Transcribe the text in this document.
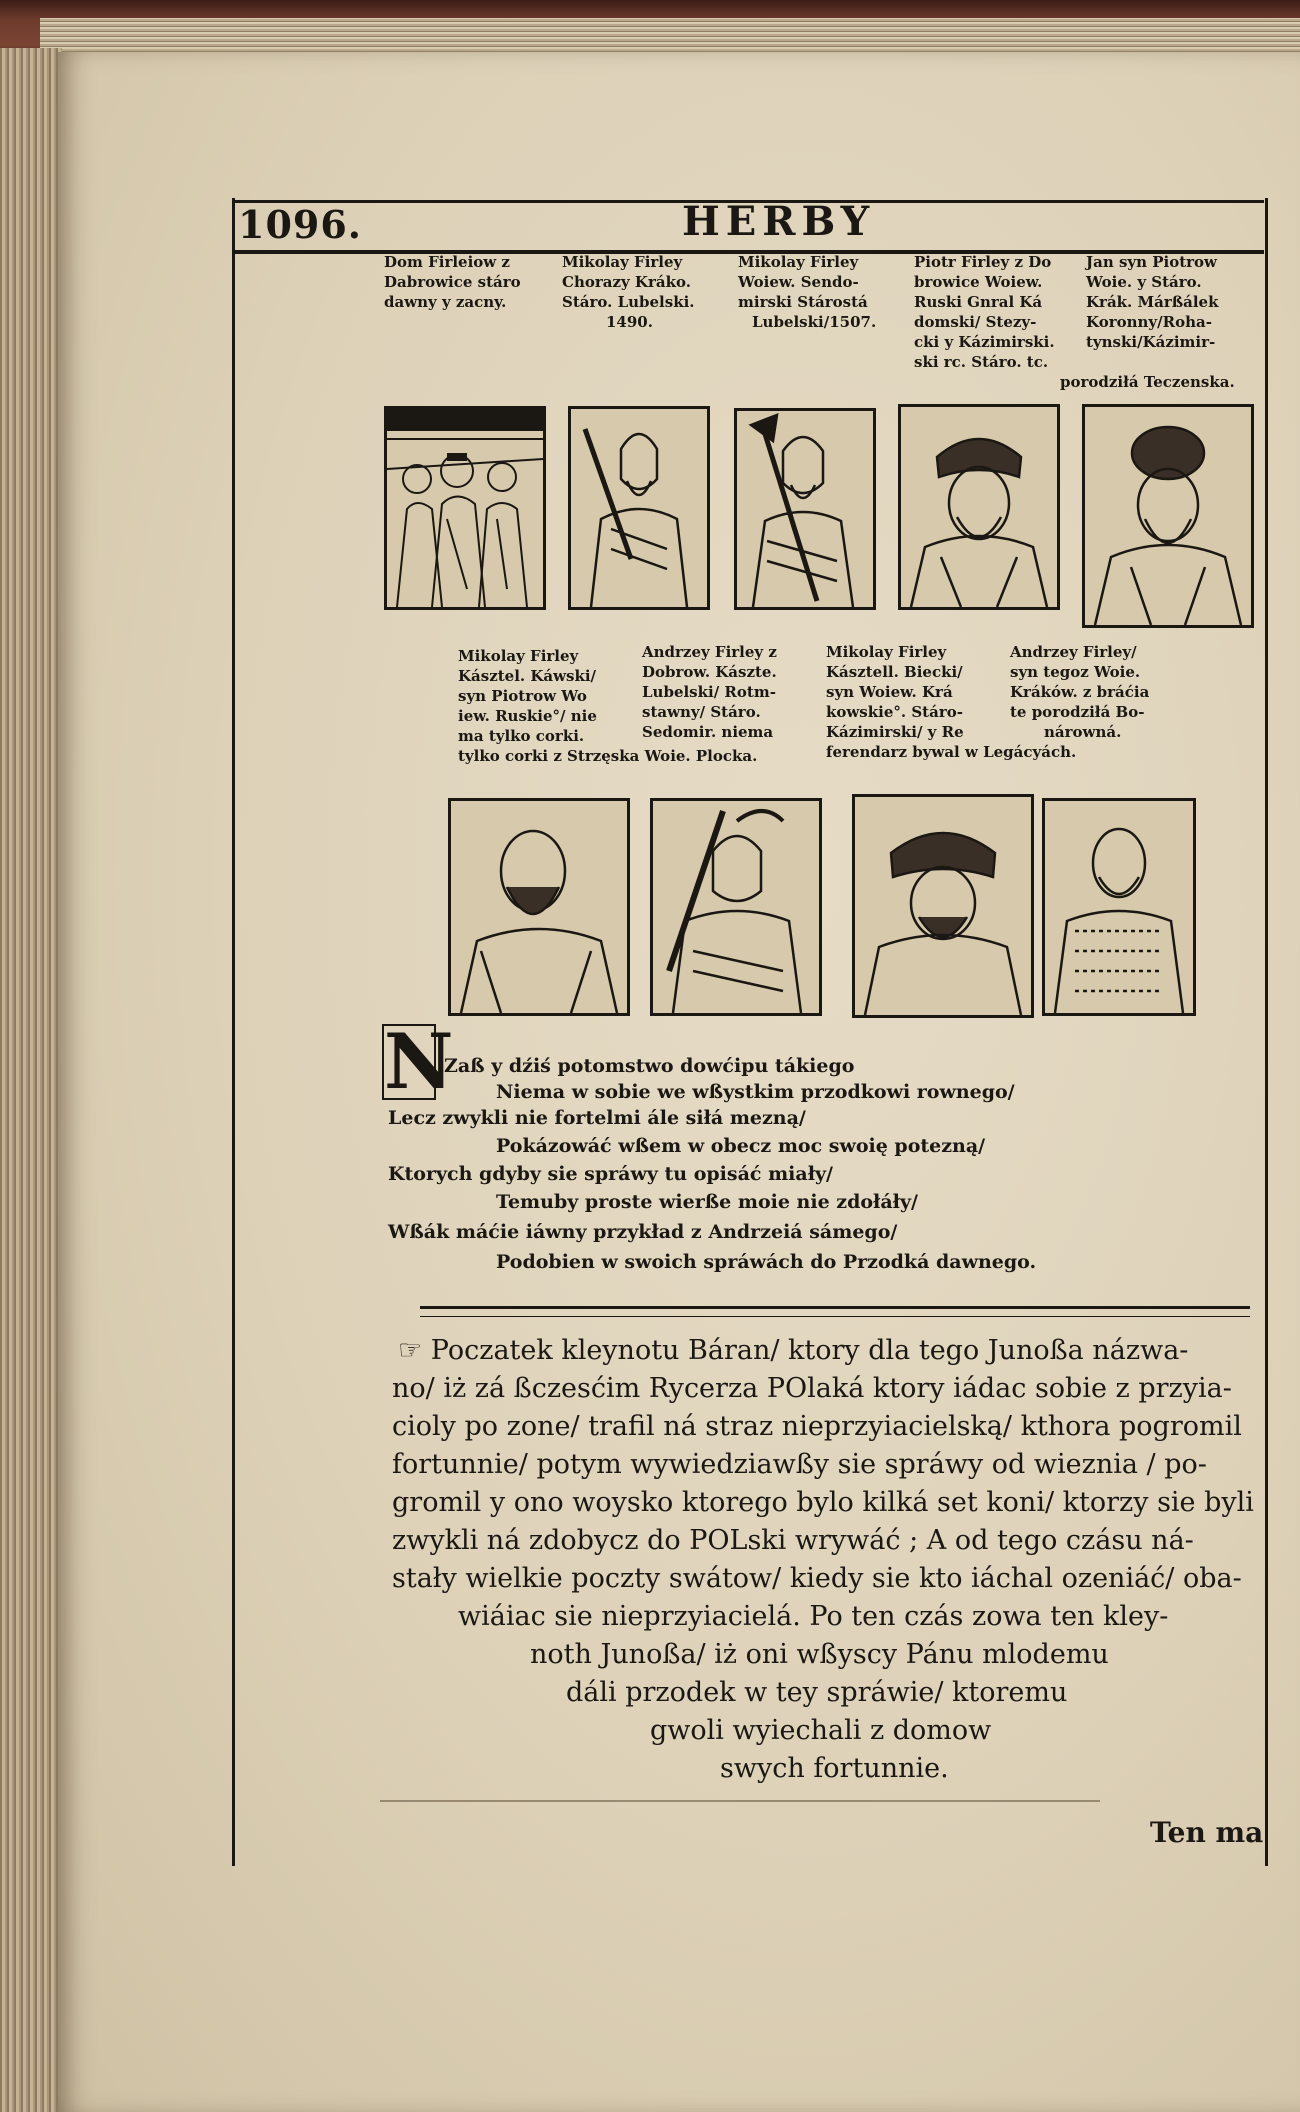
1096.	HERBY
Dom Firleiow z
Dabrowice stáro
dawny y zacny.
Mikolay Firley
Chorazy Kráko.
Stáro. Lubelski.
1490.
Mikolay Firley
Woiew. Sendo-
mirski Stárostá
Lubelski/1507.
Piotr Firley z Do
browice Woiew.
Ruski Gnral Ká
domski/ Stezy-
cki y Kázimirski.
ski rc. Stáro. tc.
Jan syn Piotrow
Woie. y Stáro.
Krák. Márßálek
Koronny/Roha-
tynski/Kázimir-
porodziłá Teczenska.
Mikolay Firley
Kásztel. Káwski/
syn Piotrow Wo
iew. Ruskie°/ nie
ma tylko corki.
tylko corki z Strzęska Woie. Plocka.
Andrzey Firley z
Dobrow. Kászte.
Lubelski/ Rotm-
stawny/ Stáro.
Sedomir. niema
Mikolay Firley
Kásztell. Biecki/
syn Woiew. Krá
kowskie°. Stáro-
Kázimirski/ y Re
ferendarz bywal w Legácyách.
Andrzey Firley/
syn tegoz Woie.
Kráków. z bráćia
te porodziłá Bo-
nárowná.
N
Zaß y dźiś potomstwo dowćipu tákiego
Niema w sobie we wßystkim przodkowi rownego/
Lecz zwykli nie fortelmi ále siłá mezną/
Pokázowáć wßem w obecz moc swoię potezną/
Ktorych gdyby sie spráwy tu opisáć miały/
Temuby proste wierße moie nie zdołáły/
Wßák máćie iáwny przykład z Andrzeiá sámego/
Podobien w swoich spráwách do Przodká dawnego.
☞ Poczatek kleynotu Báran/ ktory dla tego Junoßa názwa-
no/ iż zá ßczesćim Rycerza POlaká ktory iádac sobie z przyia-
cioly po zone/ trafil ná straz nieprzyiacielską/ kthora pogromil
fortunnie/ potym wywiedziawßy sie spráwy od wieznia / po-
gromil y ono woysko ktorego bylo kilká set koni/ ktorzy sie byli
zwykli ná zdobycz do POLski wrywáć ; A od tego czásu ná-
stały wielkie poczty swátow/ kiedy sie kto iáchal ozeniáć/ oba-
wiáiac sie nieprzyiacielá. Po ten czás zowa ten kley-
noth Junoßa/ iż oni wßyscy Pánu mlodemu
dáli przodek w tey spráwie/ ktoremu
gwoli wyiechali z domow
swych fortunnie.
Ten ma
